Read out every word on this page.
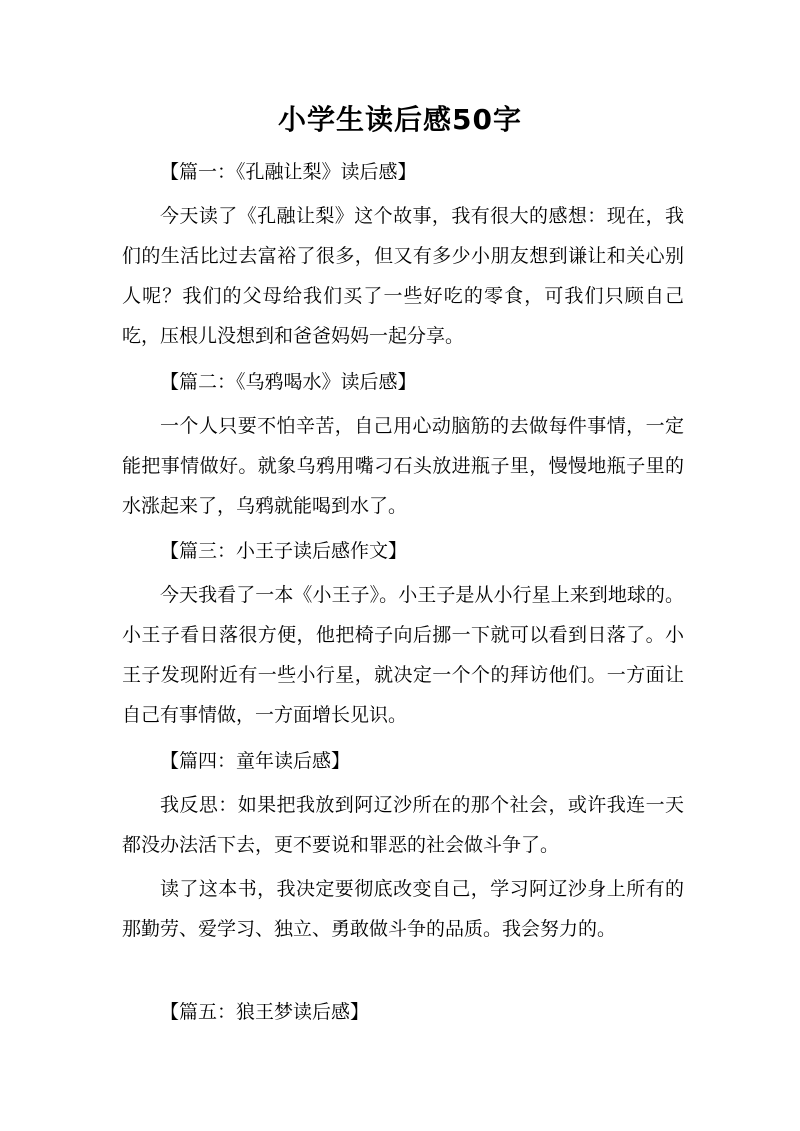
小学生读后感50字
【篇一：《孔融让梨》读后感】

今天读了《孔融让梨》这个故事，我有很大的感想：现在，我们的生活比过去富裕了很多，但又有多少小朋友想到谦让和关心别人呢？我们的父母给我们买了一些好吃的零食，可我们只顾自己吃，压根儿没想到和爸爸妈妈一起分享。

【篇二：《乌鸦喝水》读后感】

一个人只要不怕辛苦，自己用心动脑筋的去做每件事情，一定能把事情做好。就象乌鸦用嘴刁石头放进瓶子里，慢慢地瓶子里的水涨起来了，乌鸦就能喝到水了。

【篇三：小王子读后感作文】

今天我看了一本《小王子》。小王子是从小行星上来到地球的。小王子看日落很方便，他把椅子向后挪一下就可以看到日落了。小王子发现附近有一些小行星，就决定一个个的拜访他们。一方面让自己有事情做，一方面增长见识。

【篇四：童年读后感】

我反思：如果把我放到阿辽沙所在的那个社会，或许我连一天都没办法活下去，更不要说和罪恶的社会做斗争了。

读了这本书，我决定要彻底改变自己，学习阿辽沙身上所有的那勤劳、爱学习、独立、勇敢做斗争的品质。我会努力的。

【篇五：狼王梦读后感】
